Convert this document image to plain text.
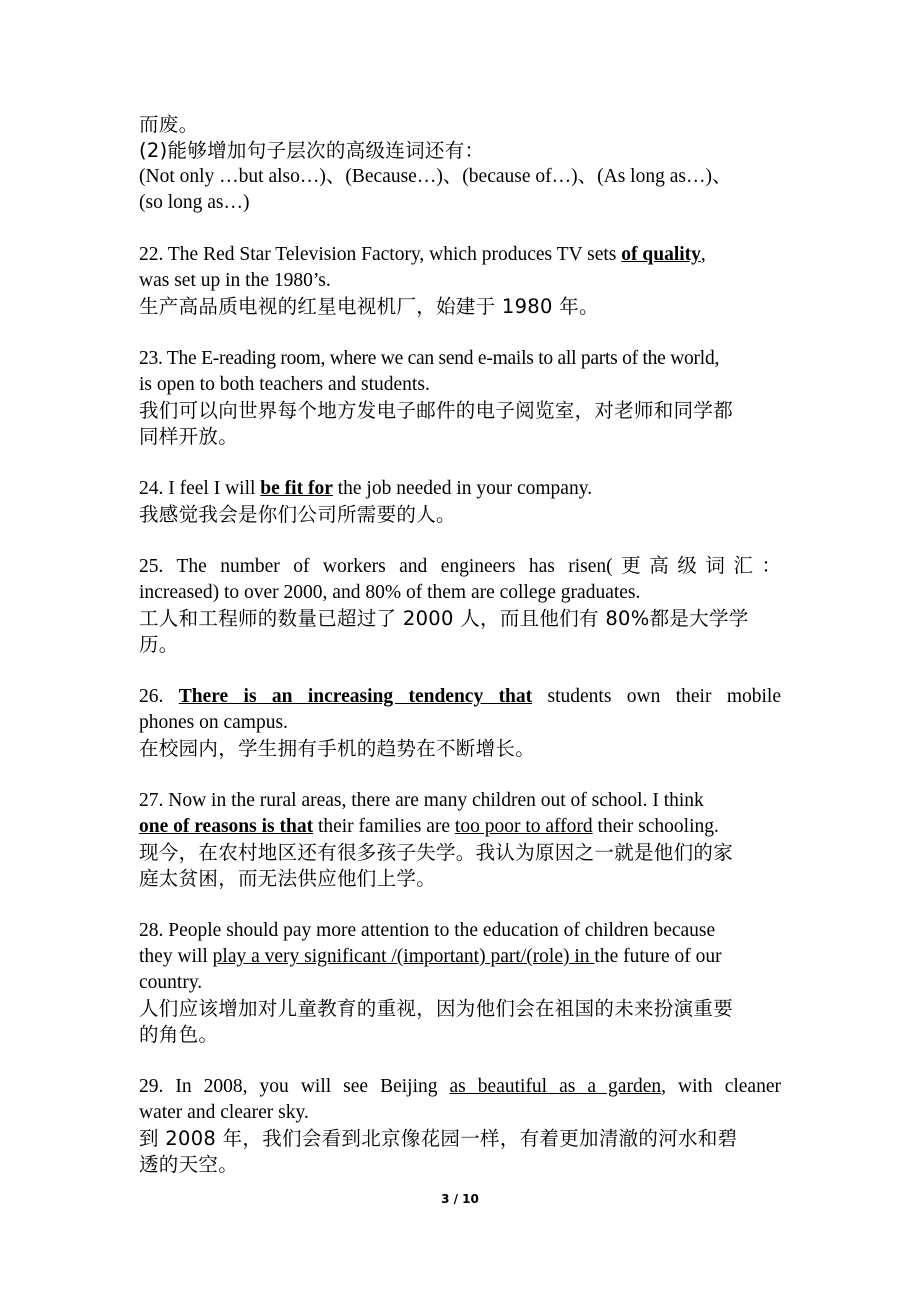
而废。
(2)能够增加句子层次的高级连词还有：
(Not only …but also…)、(Because…)、(because of…)、(As long as…)、
(so long as…)
22. The Red Star Television Factory, which produces TV sets of quality,
was set up in the 1980’s.
生产高品质电视的红星电视机厂，始建于 1980 年。
23. The E-reading room, where we can send e-mails to all parts of the world,
is open to both teachers and students.
我们可以向世界每个地方发电子邮件的电子阅览室，对老师和同学都
同样开放。
24. I feel I will be fit for the job needed in your company.
我感觉我会是你们公司所需要的人。
25. The number of workers and engineers has risen(更高级词汇：
increased) to over 2000, and 80% of them are college graduates.
工人和工程师的数量已超过了 2000 人，而且他们有 80%都是大学学
历。
26. There is an increasing tendency that students own their mobile
phones on campus.
在校园内，学生拥有手机的趋势在不断增长。
27. Now in the rural areas, there are many children out of school. I think
one of reasons is that their families are too poor to afford their schooling.
现今，在农村地区还有很多孩子失学。我认为原因之一就是他们的家
庭太贫困，而无法供应他们上学。
28. People should pay more attention to the education of children because
they will play a very significant /(important) part/(role) in the future of our
country.
人们应该增加对儿童教育的重视，因为他们会在祖国的未来扮演重要
的角色。
29. In 2008, you will see Beijing as beautiful as a garden, with cleaner
water and clearer sky.
到 2008 年，我们会看到北京像花园一样，有着更加清澈的河水和碧
透的天空。
3 / 10
